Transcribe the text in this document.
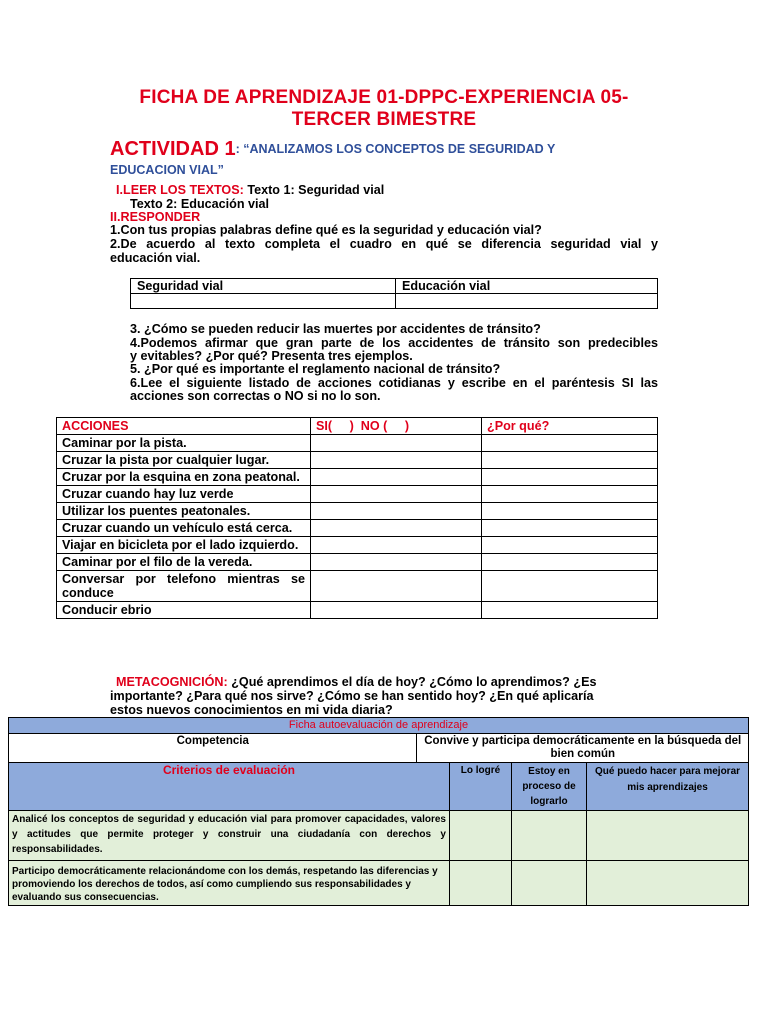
FICHA DE APRENDIZAJE 01-DPPC-EXPERIENCIA 05-
TERCER BIMESTRE
ACTIVIDAD 1: “ANALIZAMOS LOS CONCEPTOS DE SEGURIDAD Y
EDUCACION VIAL”
I.LEER LOS TEXTOS: Texto 1: Seguridad vial
Texto 2: Educación vial
II.RESPONDER
1.Con tus propias palabras define qué es la seguridad y educación vial?
2.De acuerdo al texto completa el cuadro en qué se diferencia seguridad vial y
educación vial.
Seguridad vial	Educación vial

3. ¿Cómo se pueden reducir las muertes por accidentes de tránsito?
4.Podemos afirmar que gran parte de los accidentes de tránsito son predecibles
y evitables? ¿Por qué? Presenta tres ejemplos.
5. ¿Por qué es importante el reglamento nacional de tránsito?
6.Lee el siguiente listado de acciones cotidianas y escribe en el paréntesis SI las
acciones son correctas o NO si no lo son.
ACCIONES	SI(     )  NO (     )	¿Por qué?
Caminar por la pista.		
Cruzar la pista por cualquier lugar.		
Cruzar por la esquina en zona peatonal.		
Cruzar cuando hay luz verde		
Utilizar los puentes peatonales.		
Cruzar cuando un vehículo está cerca.		
Viajar en bicicleta por el lado izquierdo.		
Caminar por el filo de la vereda.		
Conversar por telefono mientras se conduce		
Conducir ebrio		
METACOGNICIÓN: ¿Qué aprendimos el día de hoy? ¿Cómo lo aprendimos? ¿Es
importante? ¿Para qué nos sirve? ¿Cómo se han sentido hoy? ¿En qué aplicaría
estos nuevos conocimientos en mi vida diaria?
Ficha autoevaluación de aprendizaje				
Competencia	Convive y participa democráticamente en la búsqueda del bien común			
Criterios de evaluación		Lo logré	Estoy en proceso de lograrlo	Qué puedo hacer para mejorar mis aprendizajes
Analicé los conceptos de seguridad y educación vial para promover capacidades, valores y actitudes que permite proteger y construir una ciudadanía con derechos y responsabilidades.				
Participo democráticamente relacionándome con los demás, respetando las diferencias y promoviendo los derechos de todos, así como cumpliendo sus responsabilidades y evaluando sus consecuencias.				
